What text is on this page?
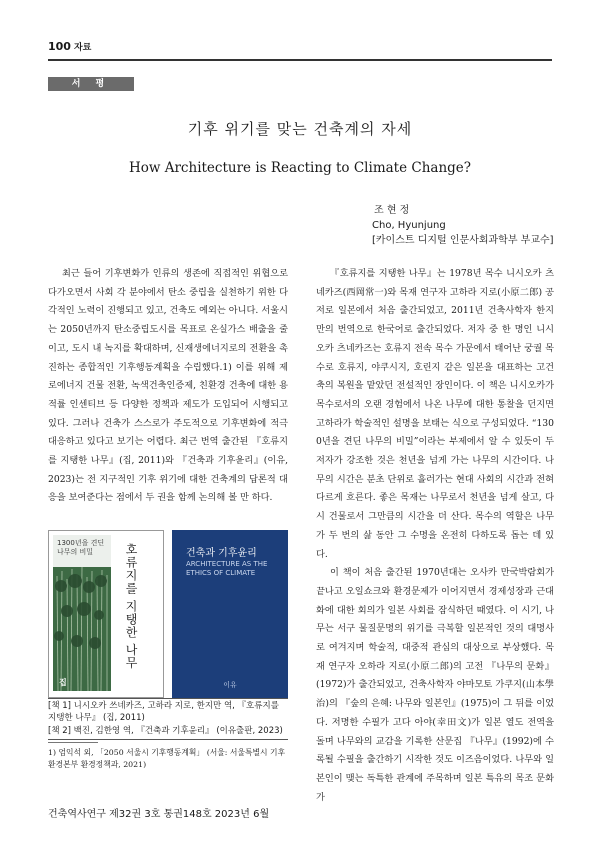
100 자료
서 평
기후 위기를 맞는 건축계의 자세
How Architecture is Reacting to Climate Change?
조 현 정
Cho, Hyunjung
[카이스트 디지털 인문사회과학부 부교수]

최근 들어 기후변화가 인류의 생존에 직접적인 위협으로 다가오면서 사회 각 분야에서 탄소 중립을 실천하기 위한 다각적인 노력이 진행되고 있고, 건축도 예외는 아니다. 서울시는 2050년까지 탄소중립도시를 목표로 온실가스 배출을 줄이고, 도시 내 녹지를 확대하며, 신재생에너지로의 전환을 촉진하는 종합적인 기후행동계획을 수립했다.1) 이를 위해 제로에너지 건물 전환, 녹색건축인증제, 친환경 건축에 대한 용적률 인센티브 등 다양한 정책과 제도가 도입되어 시행되고 있다. 그러나 건축가 스스로가 주도적으로 기후변화에 적극 대응하고 있다고 보기는 어렵다. 최근 번역 출간된 『호류지를 지탱한 나무』(집, 2011)와 『건축과 기후윤리』(이유, 2023)는 전 지구적인 기후 위기에 대한 건축계의 답론적 대응을 보여준다는 점에서 두 권을 함께 논의해 볼 만 하다.

1300년을 견딘 나무의 비밀	호류지를 지탱한 나무
집
건축과 기후윤리
ARCHITECTURE AS THE ETHICS OF CLIMATE
이유
[책 1] 니시오카 쓰네카즈, 고하라 지로, 한지만 역, 『호류지를 지탱한 나무』 (집, 2011)
[책 2] 백진, 김한영 역, 『건축과 기후윤리』 (이유출판, 2023)
1) 엄익석 외, 「2050 서울시 기후행동계획」 (서울: 서울특별시 기후환경본부 환경정책과, 2021)

『호류지를 지탱한 나무』는 1978년 목수 니시오카 츠네카즈(西岡常一)와 목재 연구자 고하라 지로(小原二郎) 공저로 일본에서 처음 출간되었고, 2011년 건축사학자 한지만의 번역으로 한국어로 출간되었다. 저자 중 한 명인 니시오카 츠네카즈는 호류지 전속 목수 가문에서 태어난 궁궐 목수로 호류지, 야쿠시지, 호린지 같은 일본을 대표하는 고건축의 복원을 맡았던 전설적인 장인이다. 이 책은 니시오카가 목수로서의 오랜 경험에서 나온 나무에 대한 통찰을 던지면 고하라가 학술적인 설명을 보태는 식으로 구성되었다. “1300년을 견딘 나무의 비밀”이라는 부제에서 알 수 있듯이 두 저자가 강조한 것은 천년을 넘게 가는 나무의 시간이다. 나무의 시간은 분초 단위로 흘러가는 현대 사회의 시간과 전혀 다르게 흐른다. 좋은 목재는 나무로서 천년을 넘게 살고, 다시 건물로서 그만큼의 시간을 더 산다. 목수의 역할은 나무가 두 번의 삶 동안 그 수명을 온전히 다하도록 돕는 데 있다.

이 책이 처음 출간된 1970년대는 오사카 만국박람회가 끝나고 오일쇼크와 환경문제가 이어지면서 경제성장과 근대화에 대한 회의가 일본 사회를 잠식하던 때였다. 이 시기, 나무는 서구 물질문명의 위기를 극복할 일본적인 것의 대명사로 여겨지며 학술적, 대중적 관심의 대상으로 부상했다. 목재 연구자 오하라 지로(小原二郎)의 고전 『나무의 문화』(1972)가 출간되었고, 건축사학자 야마모토 가쿠지(山本學治)의 『숲의 은혜: 나무와 일본인』(1975)이 그 뒤를 이었다. 저명한 수필가 고다 아야(幸田文)가 일본 열도 전역을 돌며 나무와의 교감을 기록한 산문집 『나무』(1992)에 수록될 수필을 출간하기 시작한 것도 이즈음이었다. 나무와 일본인이 맺는 독특한 관계에 주목하며 일본 특유의 목조 문화가

건축역사연구 제32권 3호 통권148호 2023년 6월
